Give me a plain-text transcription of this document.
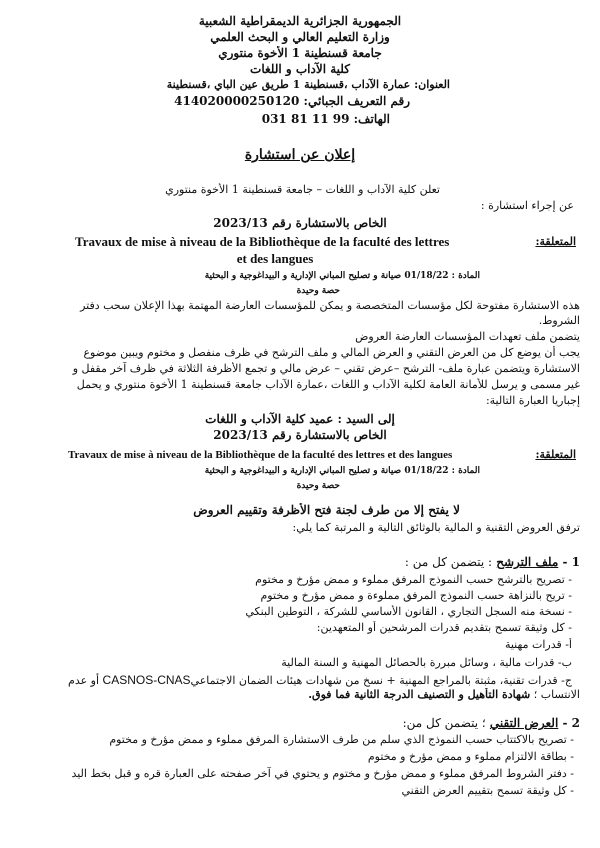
الجمهورية الجزائرية الديمقراطية الشعبية
وزارة التعليم العالي و البحث العلمي
جامعة قسنطينة 1 الأخوة منتوري
كلية الآداب و اللغات
العنوان: عمارة الآداب ،قسنطينة 1 طريق عين الباي ،قسنطينة
رقم التعريف الجبائي: 414020000250120
الهاتف: 99 11 81 031
إعلان عن استشارة
تعلن كلية الآداب و اللغات – جامعة قسنطينة 1 الأخوة منتوري
عن إجراء استشارة :
الخاص بالاستشارة رقم 2023/13
المتعلقة:
Travaux de mise à niveau de la Bibliothèque de la faculté des lettres
et des langues
المادة : 01/18/22 صيانة و تصليح المباني الإدارية و البيداغوجية و البحثية
حصة وحيدة
هذه الاستشارة مفتوحة لكل مؤسسات المتخصصة و يمكن للمؤسسات العارضة المهتمة بهذا الإعلان سحب دفتر
الشروط.
يتضمن ملف تعهدات المؤسسات العارضة العروض
يجب أن يوضع كل من العرض التقني و العرض المالي و ملف الترشح في ظرف منفصل و مختوم ويبين موضوع
الاستشارة ويتضمن عبارة ملف- الترشح –عرض تقني – عرض مالي و تجمع الأظرفة الثلاثة في ظرف آخر مقفل و
غير مسمى و يرسل للأمانة العامة لكلية الآداب و اللغات ،عمارة الآداب جامعة قسنطينة 1 الأخوة منتوري و يحمل
إجباريا العبارة التالية:
إلى السيد : عميد كلية الآداب و اللغات
الخاص بالاستشارة رقم 2023/13
المتعلقة:
Travaux de mise à niveau de la Bibliothèque de la faculté des lettres et des langues
المادة : 01/18/22 صيانة و تصليح المباني الإدارية و البيداغوجية و البحثية
حصة وحيدة
لا يفتح إلا من طرف لجنة فتح الأظرفة وتقييم العروض
ترفق العروض التقنية و المالية بالوثائق التالية و المرتبة كما يلي:
1 - ملف الترشح : يتضمن كل من :
- تصريح بالترشح حسب النموذج المرفق مملوء و ممض مؤرخ و مختوم
- تريح بالنزاهة حسب النموذج المرفق مملوءة و ممض مؤرخ و مختوم
- نسخة منه السجل التجاري ، القانون الأساسي للشركة ، التوطين البنكي
- كل وثيقة تسمح بتقديم قدرات المرشحين أو المتعهدين:
أ- قدرات مهنية
ب- قدرات مالية ، وسائل مبررة بالحصائل المهنية و السنة المالية
ج- قدرات تقنية، مثبتة بالمراجع المهنية + نسخ من شهادات هيئات الضمان الاجتماعيCASNOS-CNAS أو عدم
الانتساب ؛ شهادة التأهيل و التصنيف الدرجة الثانية فما فوق.
2 - العرض التقني ؛ يتضمن كل من:
- تصريح بالاكتتاب حسب النموذج الذي سلم من طرف الاستشارة المرفق مملوء و ممض مؤرخ و مختوم
- بطاقة الالتزام مملوء و ممض مؤرخ و مختوم
- دفتر الشروط المرفق مملوء و ممض مؤرخ و مختوم و يحتوي في آخر صفحته على العبارة قره و قبل بخط اليد
- كل وثيقة تسمح بتقييم العرض التقني
